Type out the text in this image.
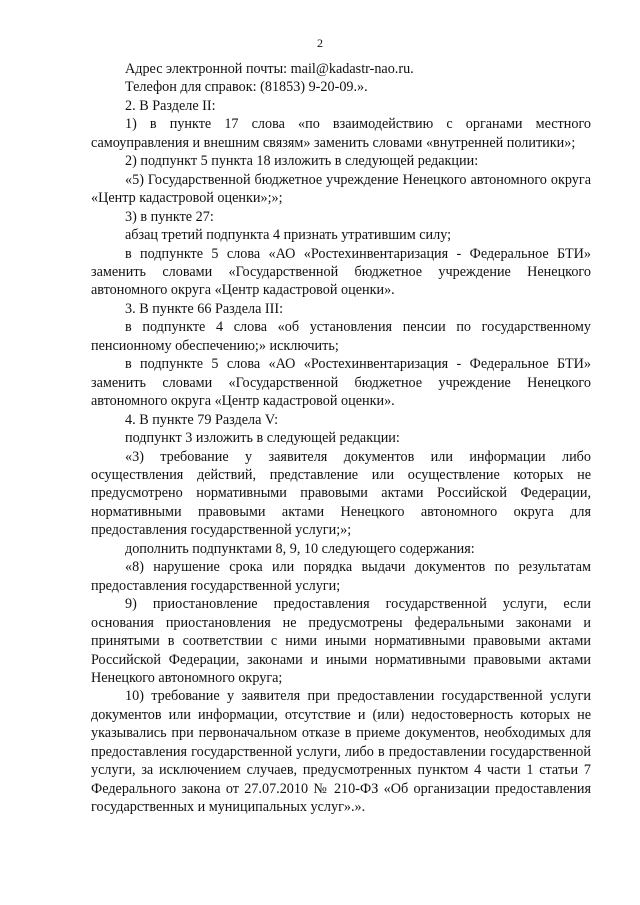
2

Адрес электронной почты: mail@kadastr-nao.ru.

Телефон для справок: (81853) 9-20-09.».

2. В Разделе II:

1) в пункте 17 слова «по взаимодействию с органами местного самоуправления и внешним связям» заменить словами «внутренней политики»;

2) подпункт 5 пункта 18 изложить в следующей редакции:

«5) Государственной бюджетное учреждение Ненецкого автономного округа «Центр кадастровой оценки»;»;

3) в пункте 27:

абзац третий подпункта 4 признать утратившим силу;

в подпункте 5 слова «АО «Ростехинвентаризация - Федеральное БТИ» заменить словами «Государственной бюджетное учреждение Ненецкого автономного округа «Центр кадастровой оценки».

3. В пункте 66 Раздела III:

в подпункте 4 слова «об установления пенсии по государственному пенсионному обеспечению;» исключить;

в подпункте 5 слова «АО «Ростехинвентаризация - Федеральное БТИ» заменить словами «Государственной бюджетное учреждение Ненецкого автономного округа «Центр кадастровой оценки».

4. В пункте 79 Раздела V:

подпункт 3 изложить в следующей редакции:

«3) требование у заявителя документов или информации либо осуществления действий, представление или осуществление которых не предусмотрено нормативными правовыми актами Российской Федерации, нормативными правовыми актами Ненецкого автономного округа для предоставления государственной услуги;»;

дополнить подпунктами 8, 9, 10 следующего содержания:

«8) нарушение срока или порядка выдачи документов по результатам предоставления государственной услуги;

9) приостановление предоставления государственной услуги, если основания приостановления не предусмотрены федеральными законами и принятыми в соответствии с ними иными нормативными правовыми актами Российской Федерации, законами и иными нормативными правовыми актами Ненецкого автономного округа;

10) требование у заявителя при предоставлении государственной услуги документов или информации, отсутствие и (или) недостоверность которых не указывались при первоначальном отказе в приеме документов, необходимых для предоставления государственной услуги, либо в предоставлении государственной услуги, за исключением случаев, предусмотренных пунктом 4 части 1 статьи 7 Федерального закона от 27.07.2010 № 210-ФЗ «Об организации предоставления государственных и муниципальных услуг».».
